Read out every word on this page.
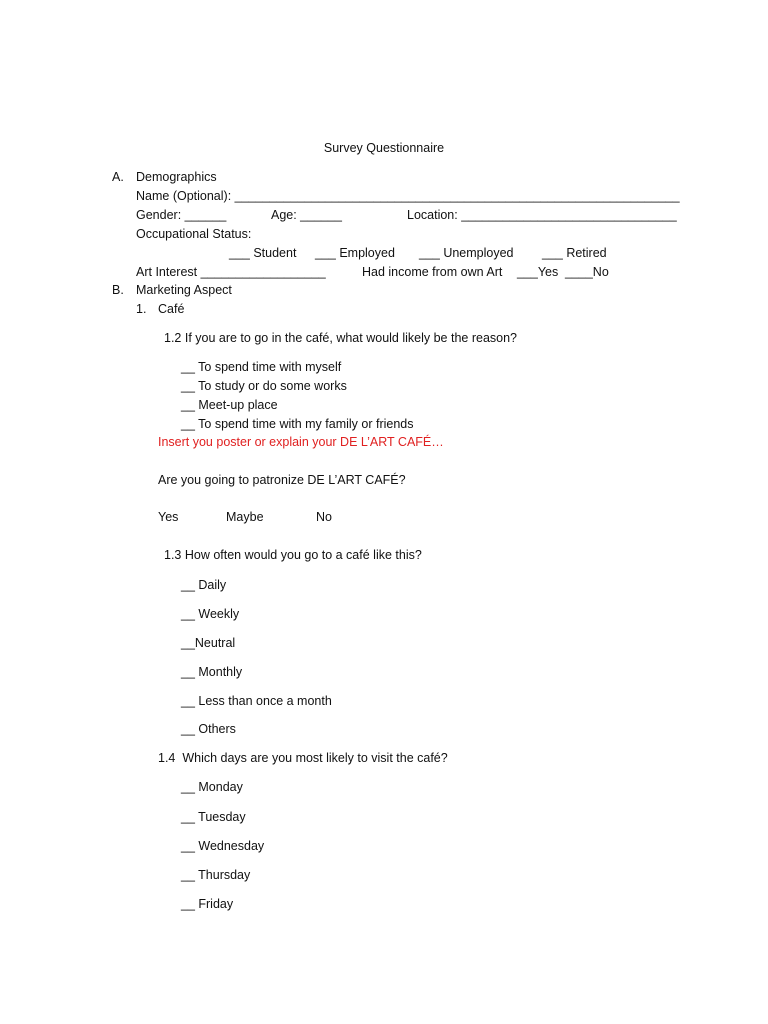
Survey Questionnaire
A. Demographics
Name (Optional): ________________________________________________________________
Gender: ______	Age: ______	Location: _______________________________
Occupational Status:
___ Student ___ Employed ___ Unemployed ___ Retired
Art Interest __________________	Had income from own Art ___Yes ____No
B. Marketing Aspect
1. Café
1.2 If you are to go in the café, what would likely be the reason?
__ To spend time with myself
__ To study or do some works
__ Meet-up place
__ To spend time with my family or friends
Insert you poster or explain your DE L’ART CAFÉ…
Are you going to patronize DE L’ART CAFÉ?
Yes	Maybe	No
1.3 How often would you go to a café like this?
__ Daily
__ Weekly
__Neutral
__ Monthly
__ Less than once a month
__ Others
1.4  Which days are you most likely to visit the café?
__ Monday
__ Tuesday
__ Wednesday
__ Thursday
__ Friday
